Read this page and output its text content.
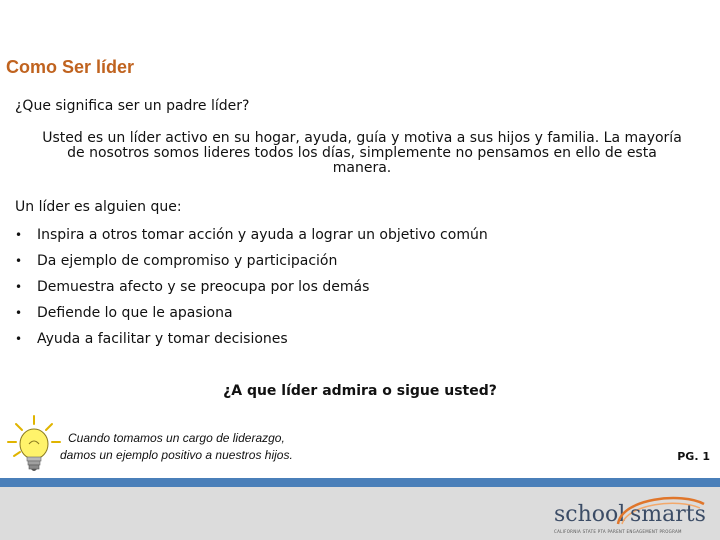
Como Ser líder
¿Que significa ser un padre líder?
Usted es un líder activo en su hogar, ayuda, guía y motiva a sus hijos y familia. La mayoría
de nosotros somos lideres todos los días, simplemente no pensamos en ello de esta
manera.
Un líder es alguien que:
•	Inspira a otros tomar acción y ayuda a lograr un objetivo común
•	Da ejemplo de compromiso y participación
•	Demuestra afecto y se preocupa por los demás
•	Defiende lo que le apasiona
•	Ayuda a facilitar y tomar decisiones
¿A que líder admira o sigue usted?
Cuando tomamos un cargo de liderazgo,
damos un ejemplo positivo a nuestros hijos.	PG. 1
school smarts
CALIFORNIA STATE PTA PARENT ENGAGEMENT PROGRAM
